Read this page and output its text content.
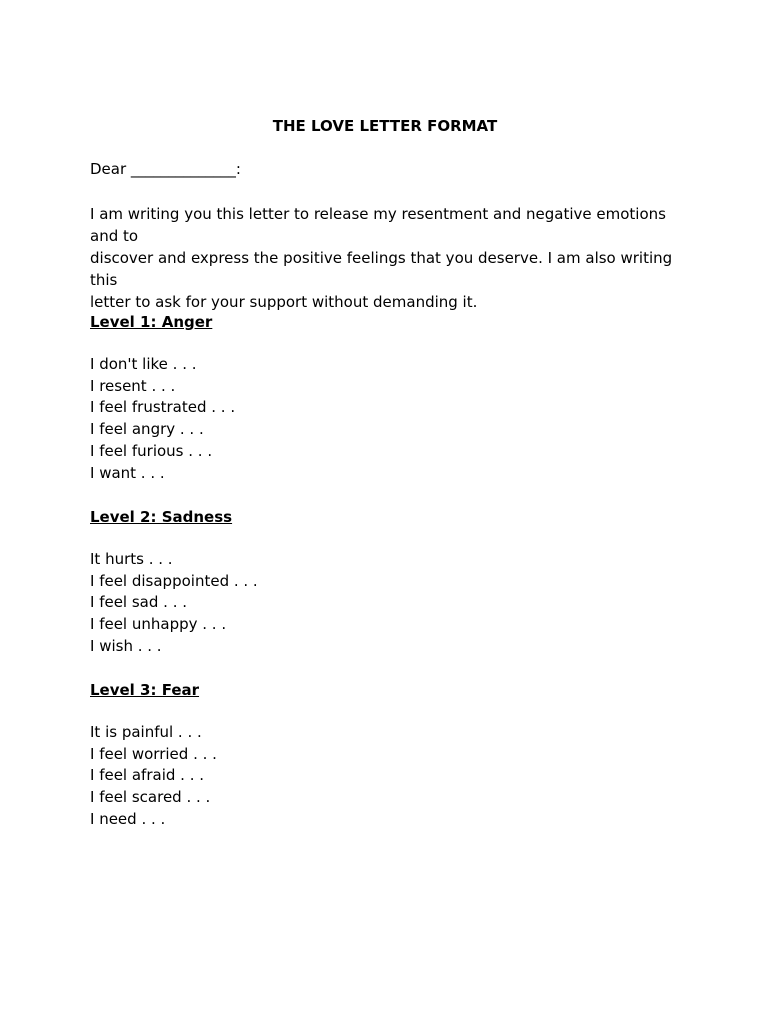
THE LOVE LETTER FORMAT
Dear ______________:

I am writing you this letter to release my resentment and negative emotions and to

discover and express the positive feelings that you deserve. I am also writing this

letter to ask for your support without demanding it.

Level 1: Anger

I don't like . . .
I resent . . .
I feel frustrated . . .
I feel angry . . .
I feel furious . . .
I want . . .

Level 2: Sadness

It hurts . . .
I feel disappointed . . .
I feel sad . . .
I feel unhappy . . .
I wish . . .

Level 3: Fear

It is painful . . .
I feel worried . . .
I feel afraid . . .
I feel scared . . .
I need . . .
